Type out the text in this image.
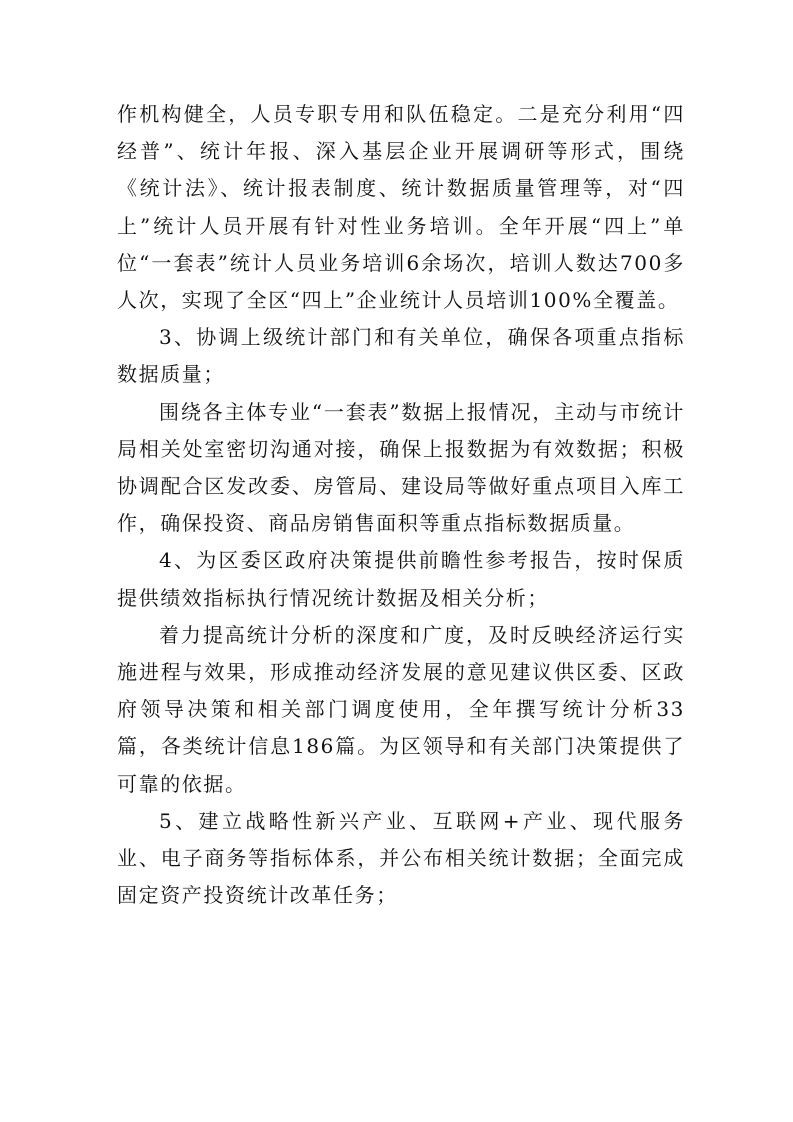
作机构健全，人员专职专用和队伍稳定。二是充分利用“四经普”、统计年报、深入基层企业开展调研等形式，围绕《统计法》、统计报表制度、统计数据质量管理等，对“四上”统计人员开展有针对性业务培训。全年开展“四上”单位“一套表”统计人员业务培训6余场次，培训人数达700多人次，实现了全区“四上”企业统计人员培训100%全覆盖。

3、协调上级统计部门和有关单位，确保各项重点指标数据质量；

围绕各主体专业“一套表”数据上报情况，主动与市统计局相关处室密切沟通对接，确保上报数据为有效数据；积极协调配合区发改委、房管局、建设局等做好重点项目入库工作，确保投资、商品房销售面积等重点指标数据质量。

4、为区委区政府决策提供前瞻性参考报告，按时保质提供绩效指标执行情况统计数据及相关分析；

着力提高统计分析的深度和广度，及时反映经济运行实施进程与效果，形成推动经济发展的意见建议供区委、区政府领导决策和相关部门调度使用，全年撰写统计分析33篇，各类统计信息186篇。为区领导和有关部门决策提供了可靠的依据。

5、建立战略性新兴产业、互联网+产业、现代服务业、电子商务等指标体系，并公布相关统计数据；全面完成固定资产投资统计改革任务；
